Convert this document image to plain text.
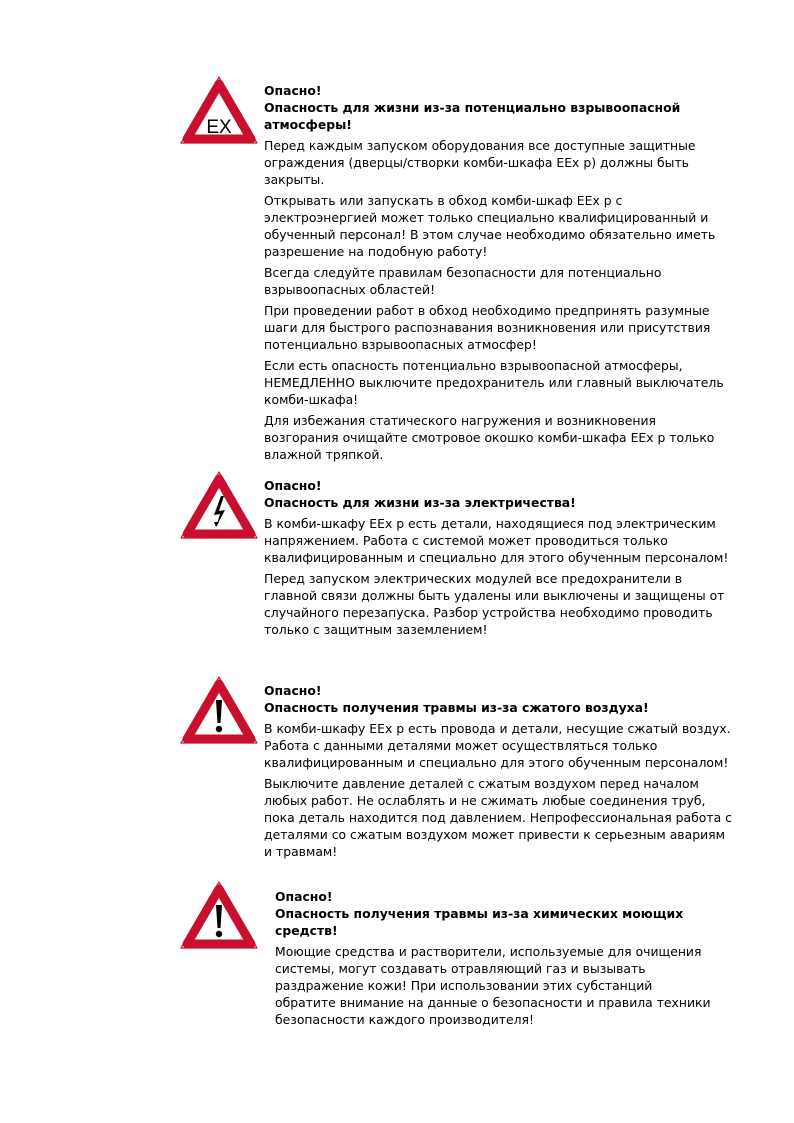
EX

Опасно!

Опасность для жизни из-за потенциально взрывоопасной атмосферы!

Перед каждым запуском оборудования все доступные защитные ограждения (дверцы/створки комби-шкафа EEx p) должны быть закрыты.

Открывать или запускать в обход комби-шкаф EEx p с электроэнергией может только специально квалифицированный и обученный персонал! В этом случае необходимо обязательно иметь разрешение на подобную работу!

Всегда следуйте правилам безопасности для потенциально взрывоопасных областей!

При проведении работ в обход необходимо предпринять разумные шаги для быстрого распознавания возникновения или присутствия потенциально взрывоопасных атмосфер!

Если есть опасность потенциально взрывоопасной атмосферы, НЕМЕДЛЕННО выключите предохранитель или главный выключатель комби-шкафа!

Для избежания статического нагружения и возникновения возгорания очищайте смотровое окошко комби-шкафа EEx p только влажной тряпкой.

Опасно!

Опасность для жизни из-за электричества!

В комби-шкафу EEx p есть детали, находящиеся под электрическим напряжением. Работа с системой может проводиться только квалифицированным и специально для этого обученным персоналом!

Перед запуском электрических модулей все предохранители в главной связи должны быть удалены или выключены и защищены от случайного перезапуска. Разбор устройства необходимо проводить только с защитным заземлением!

Опасно!

Опасность получения травмы из-за сжатого воздуха!

В комби-шкафу EEx p есть провода и детали, несущие сжатый воздух. Работа с данными деталями может осуществляться только квалифицированным и специально для этого обученным персоналом!

Выключите давление деталей с сжатым воздухом перед началом любых работ. Не ослаблять и не сжимать любые соединения труб, пока деталь находится под давлением. Непрофессиональная работа с деталями со сжатым воздухом может привести к серьезным авариям и травмам!

Опасно!

Опасность получения травмы из-за химических моющих средств!

Моющие средства и растворители, используемые для очищения системы, могут создавать отравляющий газ и вызывать раздражение кожи! При использовании этих субстанций обратите внимание на данные о безопасности и правила техники безопасности каждого производителя!
